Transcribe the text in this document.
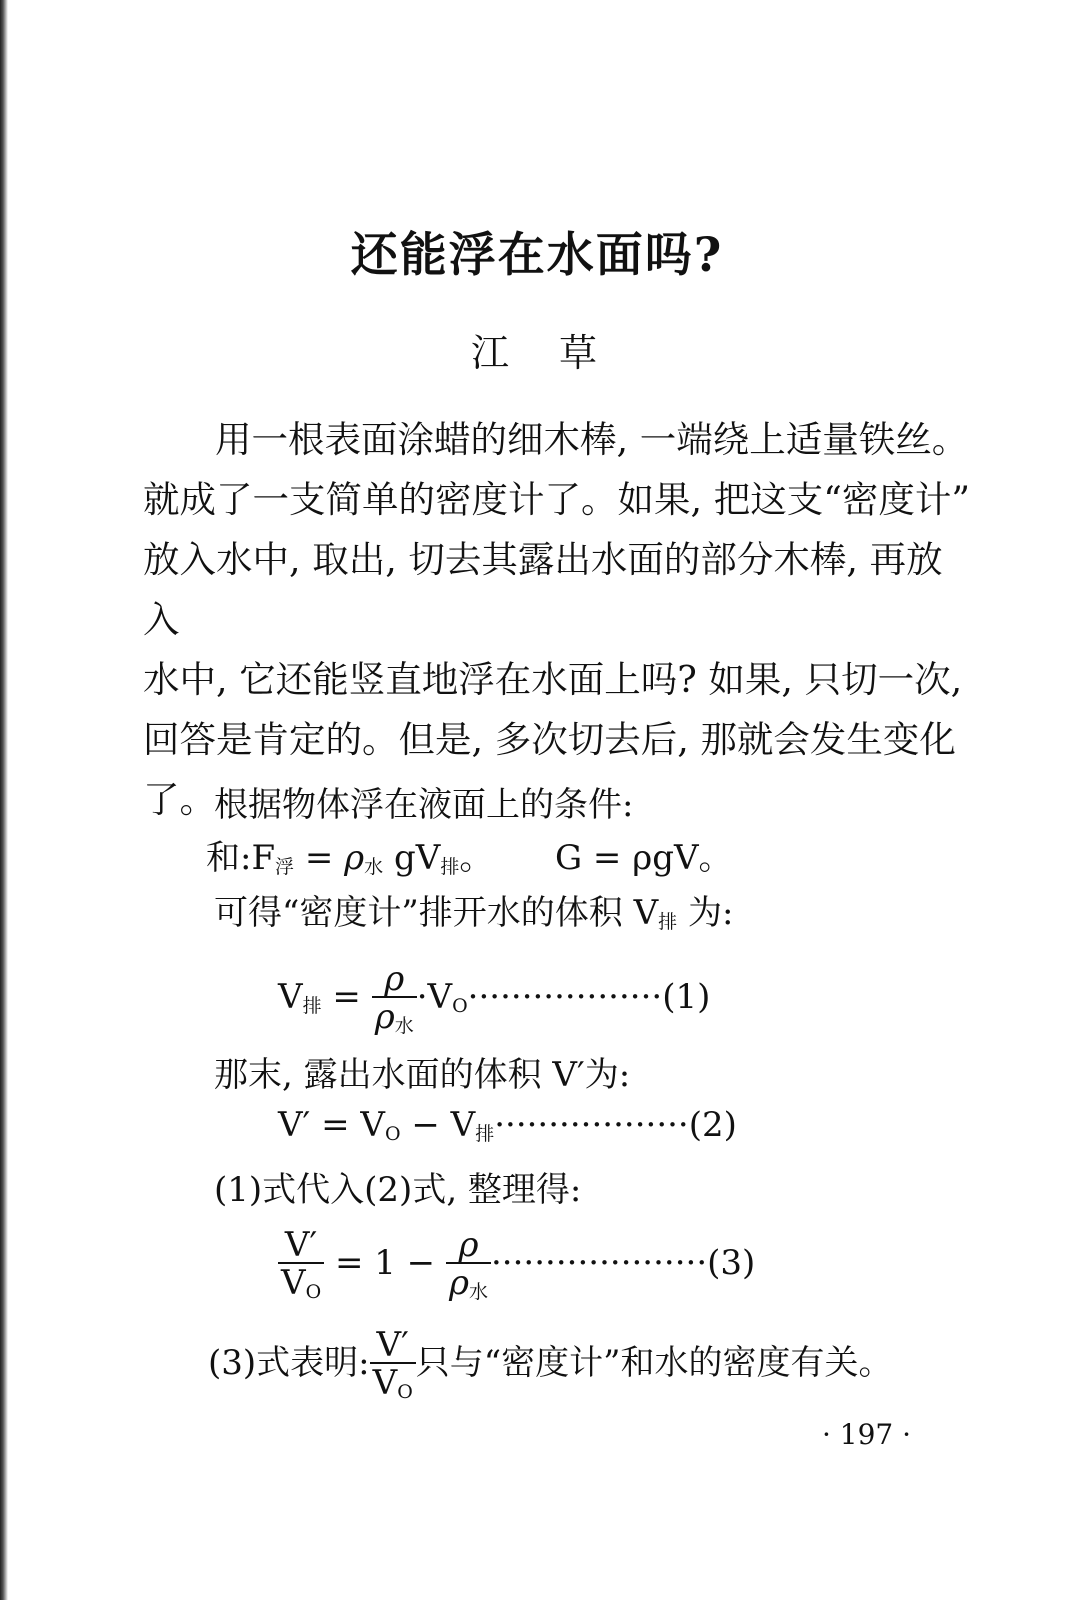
还能浮在水面吗?
江　草
用一根表面涂蜡的细木棒, 一端绕上适量铁丝。
就成了一支简单的密度计了。如果, 把这支“密度计”
放入水中, 取出, 切去其露出水面的部分木棒, 再放入
水中, 它还能竖直地浮在水面上吗? 如果, 只切一次,
回答是肯定的。但是, 多次切去后, 那就会发生变化
了。
根据物体浮在液面上的条件:
和$:F_浮 = \rho_水$ $gV_排$。 G = ρgV。
可得“密度计”排开水的体积 $V_排$ 为:
$V_排 = \frac{\rho}{\rho_水} \cdot V_O\cdot\cdot\cdot\cdot\cdot\cdot\cdot\cdot\cdot\cdot\cdot\cdot\cdot\cdot\cdot\cdot\cdot\cdot(1)$
那末, 露出水面的体积 V′为:
$V' = V_O - V_排\cdot\cdot\cdot\cdot\cdot\cdot\cdot\cdot\cdot\cdot\cdot\cdot\cdot\cdot\cdot\cdot\cdot\cdot(2)$
(1)式代入(2)式, 整理得:
$\frac{V'}{V_O} = 1 - \frac{\rho}{\rho_水} \cdot\cdot\cdot\cdot\cdot\cdot\cdot\cdot\cdot\cdot\cdot\cdot\cdot\cdot\cdot\cdot\cdot\cdot\cdot\cdot(3)$
(3)式表明: $\frac{V'}{V_O}$ 只与“密度计”和水的密度有关。
· 197 ·
